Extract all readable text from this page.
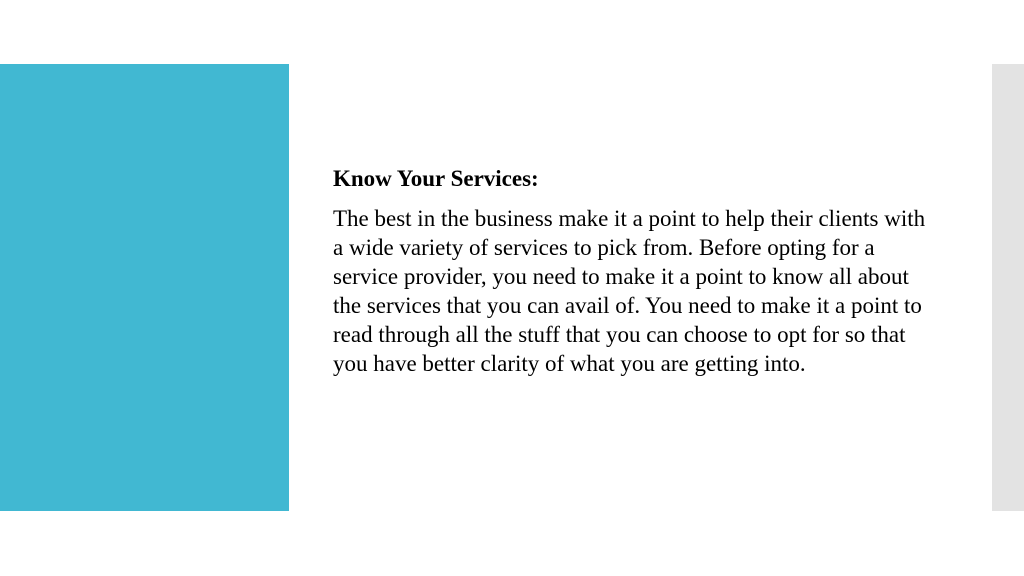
Know Your Services:

The best in the business make it a point to help their clients with a wide variety of services to pick from. Before opting for a service provider, you need to make it a point to know all about the services that you can avail of. You need to make it a point to read through all the stuff that you can choose to opt for so that you have better clarity of what you are getting into.
